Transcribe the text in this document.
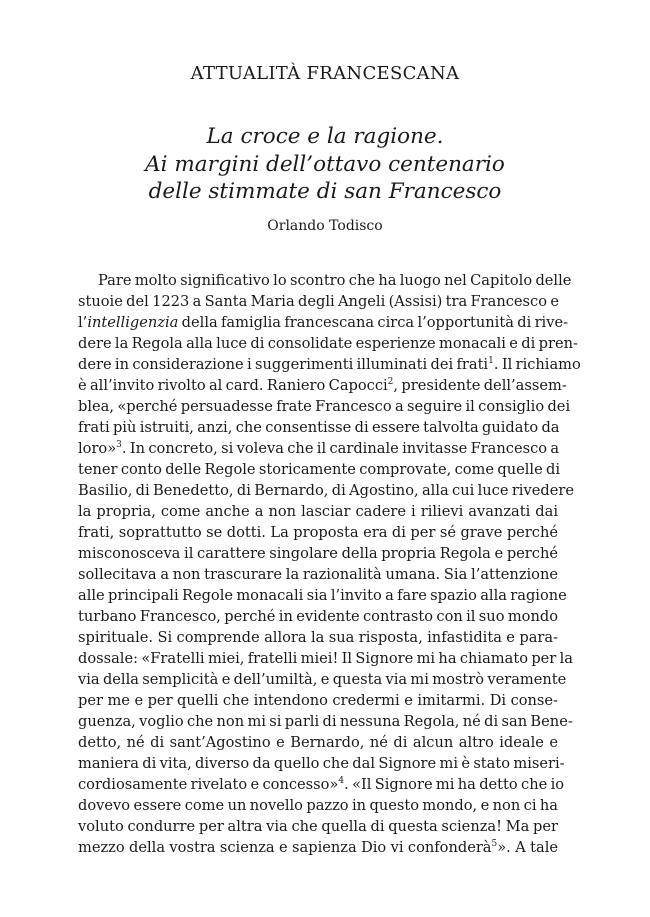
ATTUALITÀ FRANCESCANA
La croce e la ragione.
Ai margini dell’ottavo centenario
delle stimmate di san Francesco
Orlando Todisco
Pare molto significativo lo scontro che ha luogo nel Capitolo delle
stuoie del 1223 a Santa Maria degli Angeli (Assisi) tra Francesco e
l’intelligenzia della famiglia francescana circa l’opportunità di rive-
dere la Regola alla luce di consolidate esperienze monacali e di pren-
dere in considerazione i suggerimenti illuminati dei frati$^1$. Il richiamo
è all’invito rivolto al card. Raniero Capocci$^2$, presidente dell’assem-
blea, «perché persuadesse frate Francesco a seguire il consiglio dei
frati più istruiti, anzi, che consentisse di essere talvolta guidato da
loro»$^3$. In concreto, si voleva che il cardinale invitasse Francesco a
tener conto delle Regole storicamente comprovate, come quelle di
Basilio, di Benedetto, di Bernardo, di Agostino, alla cui luce rivedere
la propria, come anche a non lasciar cadere i rilievi avanzati dai
frati, soprattutto se dotti. La proposta era di per sé grave perché
misconosceva il carattere singolare della propria Regola e perché
sollecitava a non trascurare la razionalità umana. Sia l’attenzione
alle principali Regole monacali sia l’invito a fare spazio alla ragione
turbano Francesco, perché in evidente contrasto con il suo mondo
spirituale. Si comprende allora la sua risposta, infastidita e para-
dossale: «Fratelli miei, fratelli miei! Il Signore mi ha chiamato per la
via della semplicità e dell’umiltà, e questa via mi mostrò veramente
per me e per quelli che intendono credermi e imitarmi. Di conse-
guenza, voglio che non mi si parli di nessuna Regola, né di san Bene-
detto, né di sant’Agostino e Bernardo, né di alcun altro ideale e
maniera di vita, diverso da quello che dal Signore mi è stato miseri-
cordiosamente rivelato e concesso»$^4$. «Il Signore mi ha detto che io
dovevo essere come un novello pazzo in questo mondo, e non ci ha
voluto condurre per altra via che quella di questa scienza! Ma per
mezzo della vostra scienza e sapienza Dio vi confonderà$^5$». A tale
